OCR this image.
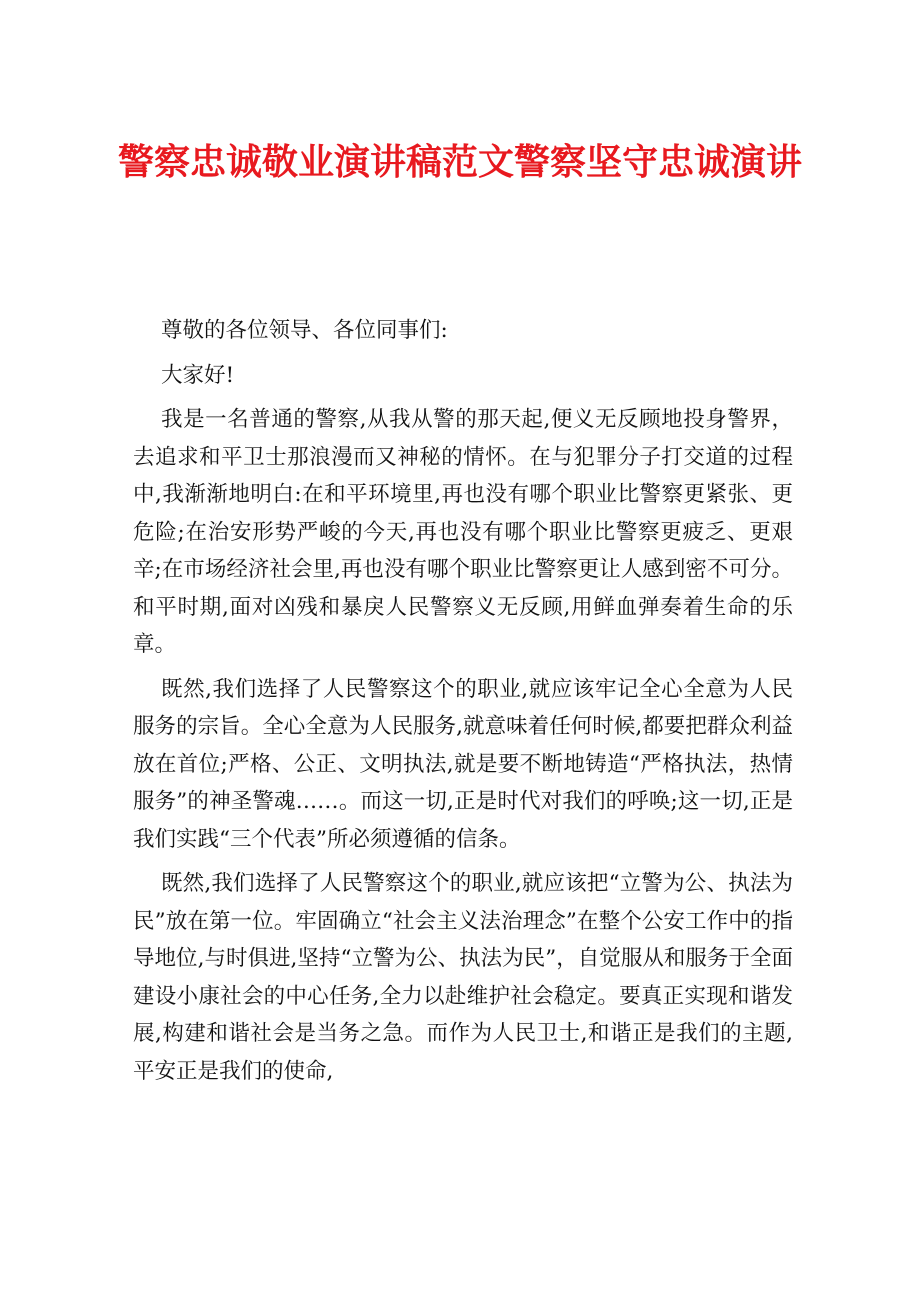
警察忠诚敬业演讲稿范文警察坚守忠诚演讲

尊敬的各位领导、各位同事们:

大家好!

我是一名普通的警察,从我从警的那天起,便义无反顾地投身警界，去追求和平卫士那浪漫而又神秘的情怀。在与犯罪分子打交道的过程中,我渐渐地明白:在和平环境里,再也没有哪个职业比警察更紧张、更危险;在治安形势严峻的今天,再也没有哪个职业比警察更疲乏、更艰辛;在市场经济社会里,再也没有哪个职业比警察更让人感到密不可分。和平时期,面对凶残和暴戾人民警察义无反顾,用鲜血弹奏着生命的乐章。

既然,我们选择了人民警察这个的职业,就应该牢记全心全意为人民服务的宗旨。全心全意为人民服务,就意味着任何时候,都要把群众利益放在首位;严格、公正、文明执法,就是要不断地铸造“严格执法，热情服务”的神圣警魂……。而这一切,正是时代对我们的呼唤;这一切,正是我们实践“三个代表”所必须遵循的信条。

既然,我们选择了人民警察这个的职业,就应该把“立警为公、执法为民”放在第一位。牢固确立“社会主义法治理念”在整个公安工作中的指导地位,与时俱进,坚持“立警为公、执法为民”，自觉服从和服务于全面建设小康社会的中心任务,全力以赴维护社会稳定。要真正实现和谐发展,构建和谐社会是当务之急。而作为人民卫士,和谐正是我们的主题,平安正是我们的使命,
